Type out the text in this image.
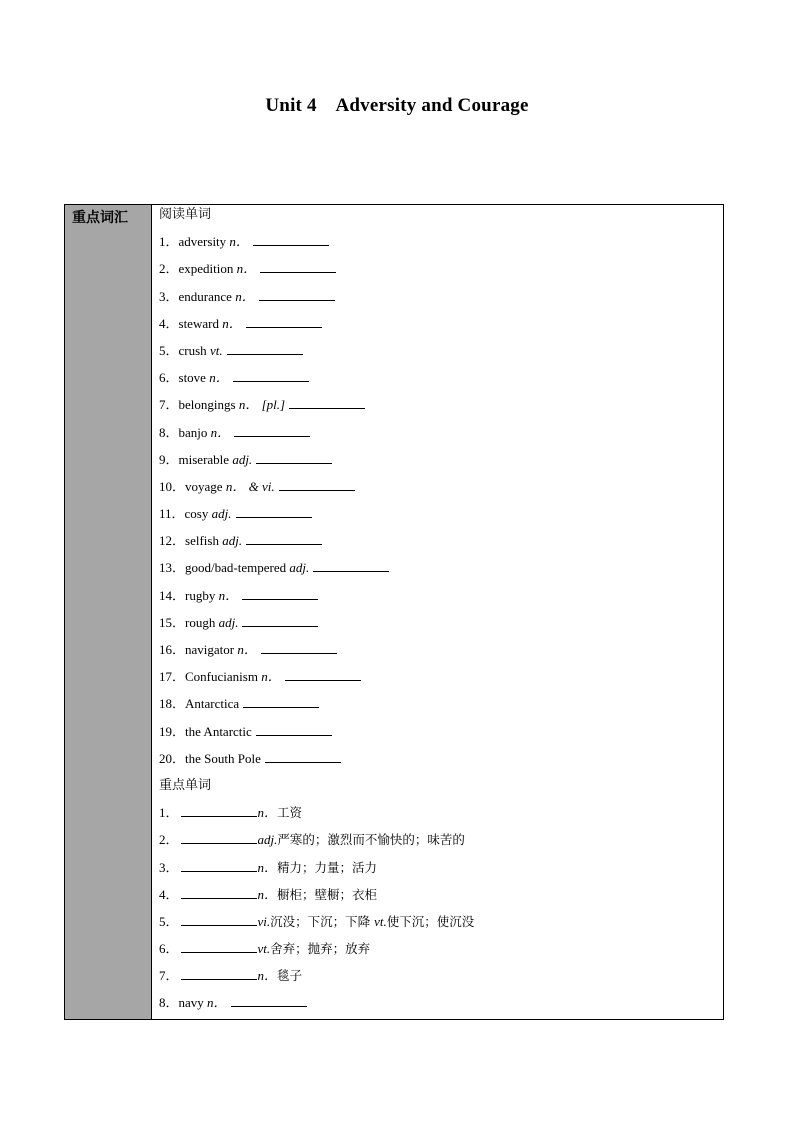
Unit 4    Adversity and Courage
重点词汇 阅读单词
1．adversity n．
2．expedition n．
3．endurance n．
4．steward n．
5．crush vt.
6．stove n．
7．belongings n． [pl.]
8．banjo n．
9．miserable adj.
10．voyage n． & vi.
11．cosy adj.
12．selfish adj.
13．good/bad-tempered adj.
14．rugby n．
15．rough adj.
16．navigator n．
17．Confucianism n．
18．Antarctica
19．the Antarctic
20．the South Pole
重点单词
1．	n．工资
2．	adj.严寒的；激烈而不愉快的；味苦的
3．	n．精力；力量；活力
4．	n．橱柜；壁橱；衣柜
5．	vi.沉没；下沉；下降 vt.使下沉；使沉没
6．	vt.舍弃；抛弃；放弃
7．	n．毯子
8．navy n．
